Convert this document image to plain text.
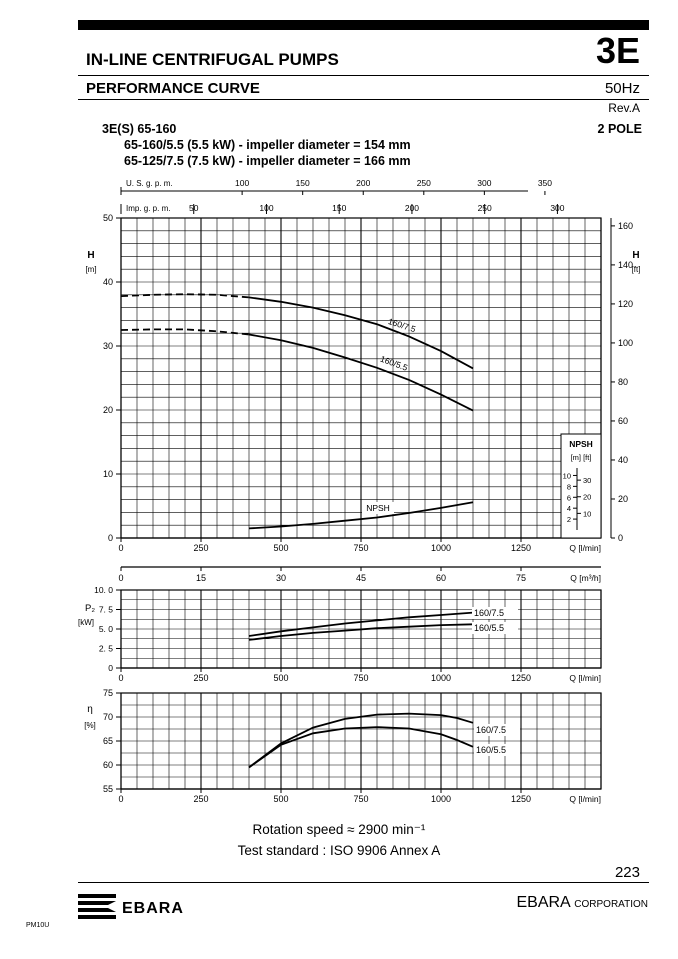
IN-LINE CENTRIFUGAL PUMPS	3E
PERFORMANCE CURVE	50Hz
Rev.A
3E(S) 65-160
65-160/5.5 (5.5 kW) - impeller diameter = 154 mm
65-125/7.5 (7.5 kW) - impeller diameter = 166 mm
2 POLE
U. S. g. p. m.	100	150	200	250	300	350
Imp. g. p. m. 50	100	150	200	250	300
0
10
20
30
40
50
H
[m]
0
20
40
60
80
100
120
140
160
H
[ft]
0	250	500	750	1000	1250	Q [l/min]
160/7.5
160/5.5
NPSH
NPSH
[m] [ft]
2
4
6
8
10
10
20
30
0	15	30	45	60	75	Q [m³/h]
0
2. 5
5. 0
7. 5
10. 0
P₂
[kW]
0	250	500	750	1000	1250	Q [l/min]
160/7.5
160/5.5
55
60
65
70
75
η
[%]
0	250	500	750	1000	1250	Q [l/min]
160/7.5
160/5.5
Rotation speed ≈ 2900 min⁻¹
Test standard : ISO 9906 Annex A
223
EBARA	EBARA CORPORATION
PM10U
